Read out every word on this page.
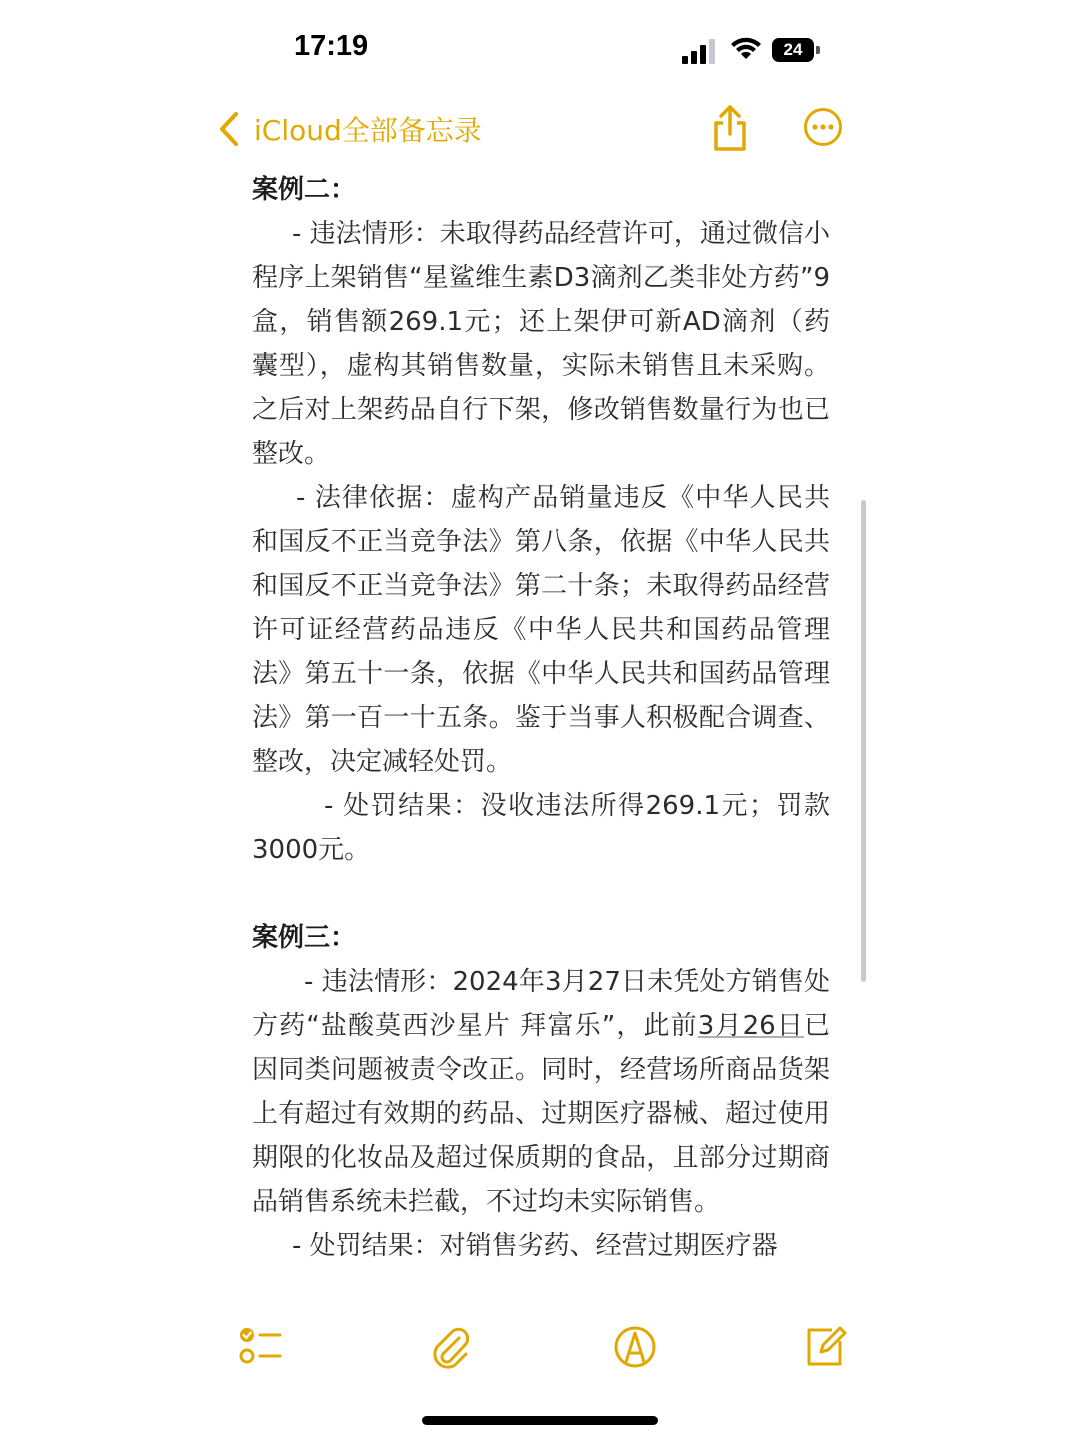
17:19	24
iCloud全部备忘录

案例二：

- 违法情形：未取得药品经营许可，通过微信小程序上架销售“星鲨维生素D3滴剂乙类非处方药”9盒，销售额269.1元；还上架伊可新AD滴剂（药囊型），虚构其销售数量，实际未销售且未采购。之后对上架药品自行下架，修改销售数量行为也已整改。

- 法律依据：虚构产品销量违反《中华人民共和国反不正当竞争法》第八条，依据《中华人民共和国反不正当竞争法》第二十条；未取得药品经营许可证经营药品违反《中华人民共和国药品管理法》第五十一条，依据《中华人民共和国药品管理法》第一百一十五条。鉴于当事人积极配合调查、整改，决定减轻处罚。

- 处罚结果：没收违法所得269.1元；罚款3000元。

案例三：

- 违法情形：2024年3月27日未凭处方销售处方药“盐酸莫西沙星片 拜富乐”，此前3月26日已因同类问题被责令改正。同时，经营场所商品货架上有超过有效期的药品、过期医疗器械、超过使用期限的化妆品及超过保质期的食品，且部分过期商品销售系统未拦截，不过均未实际销售。

- 处罚结果：对销售劣药、经营过期医疗器
